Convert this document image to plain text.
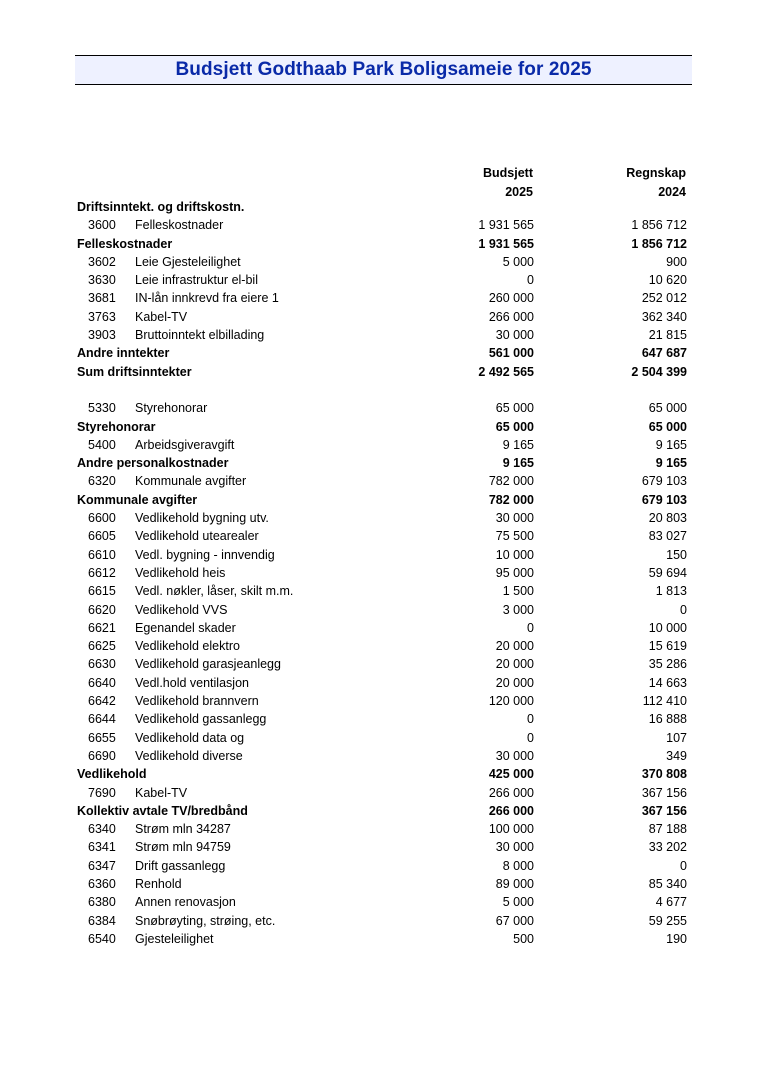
Budsjett Godthaab Park Boligsameie for 2025
Budsjett
2025
Regnskap
2024
Driftsinntekt. og driftskostn.
3600	Felleskostnader	1 931 565	1 856 712
Felleskostnader	1 931 565	1 856 712
3602	Leie Gjesteleilighet	5 000	900
3630	Leie infrastruktur el-bil	0	10 620
3681	IN-lån innkrevd fra eiere 1	260 000	252 012
3763	Kabel-TV	266 000	362 340
3903	Bruttoinntekt elbillading	30 000	21 815
Andre inntekter	561 000	647 687
Sum driftsinntekter	2 492 565	2 504 399
5330	Styrehonorar	65 000	65 000
Styrehonorar	65 000	65 000
5400	Arbeidsgiveravgift	9 165	9 165
Andre personalkostnader	9 165	9 165
6320	Kommunale avgifter	782 000	679 103
Kommunale avgifter	782 000	679 103
6600	Vedlikehold bygning utv.	30 000	20 803
6605	Vedlikehold utearealer	75 500	83 027
6610	Vedl. bygning - innvendig	10 000	150
6612	Vedlikehold heis	95 000	59 694
6615	Vedl. nøkler, låser, skilt m.m.	1 500	1 813
6620	Vedlikehold VVS	3 000	0
6621	Egenandel skader	0	10 000
6625	Vedlikehold elektro	20 000	15 619
6630	Vedlikehold garasjeanlegg	20 000	35 286
6640	Vedl.hold ventilasjon	20 000	14 663
6642	Vedlikehold brannvern	120 000	112 410
6644	Vedlikehold gassanlegg	0	16 888
6655	Vedlikehold data og	0	107
6690	Vedlikehold diverse	30 000	349
Vedlikehold	425 000	370 808
7690	Kabel-TV	266 000	367 156
Kollektiv avtale TV/bredbånd	266 000	367 156
6340	Strøm mln 34287	100 000	87 188
6341	Strøm mln 94759	30 000	33 202
6347	Drift gassanlegg	8 000	0
6360	Renhold	89 000	85 340
6380	Annen renovasjon	5 000	4 677
6384	Snøbrøyting, strøing, etc.	67 000	59 255
6540	Gjesteleilighet	500	190
